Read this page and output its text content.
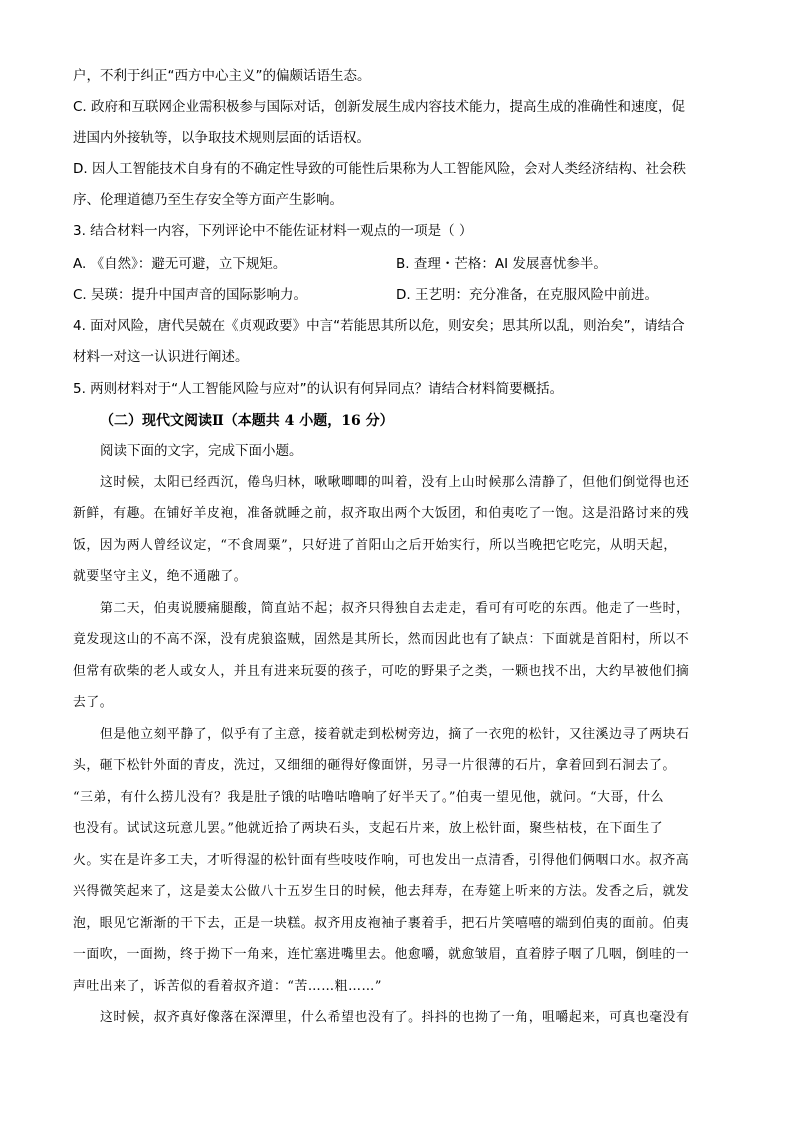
户，不利于纠正“西方中心主义”的偏颇话语生态。
C. 政府和互联网企业需积极参与国际对话，创新发展生成内容技术能力，提高生成的准确性和速度，促
进国内外接轨等，以争取技术规则层面的话语权。
D. 因人工智能技术自身有的不确定性导致的可能性后果称为人工智能风险，会对人类经济结构、社会秩
序、伦理道德乃至生存安全等方面产生影响。
3. 结合材料一内容，下列评论中不能佐证材料一观点的一项是（ ）
A. 《自然》：避无可避，立下规矩。	B. 查理・芒格：AI 发展喜忧参半。
C. 吴瑛：提升中国声音的国际影响力。	D. 王艺明：充分准备，在克服风险中前进。
4. 面对风险，唐代吴兢在《贞观政要》中言“若能思其所以危，则安矣；思其所以乱，则治矣”，请结合
材料一对这一认识进行阐述。
5. 两则材料对于“人工智能风险与应对”的认识有何异同点？请结合材料简要概括。
（二）现代文阅读Ⅱ（本题共 4 小题，16 分）
阅读下面的文字，完成下面小题。
这时候，太阳已经西沉，倦鸟归林，啾啾唧唧的叫着，没有上山时候那么清静了，但他们倒觉得也还
新鲜，有趣。在铺好羊皮袍，准备就睡之前，叔齐取出两个大饭团，和伯夷吃了一饱。这是沿路讨来的残
饭，因为两人曾经议定，“不食周粟”，只好进了首阳山之后开始实行，所以当晚把它吃完，从明天起，
就要坚守主义，绝不通融了。
第二天，伯夷说腰痛腿酸，简直站不起；叔齐只得独自去走走，看可有可吃的东西。他走了一些时，
竟发现这山的不高不深，没有虎狼盗贼，固然是其所长，然而因此也有了缺点：下面就是首阳村，所以不
但常有砍柴的老人或女人，并且有进来玩耍的孩子，可吃的野果子之类，一颗也找不出，大约早被他们摘
去了。
但是他立刻平静了，似乎有了主意，接着就走到松树旁边，摘了一衣兜的松针，又往溪边寻了两块石
头，砸下松针外面的青皮，洗过，又细细的砸得好像面饼，另寻一片很薄的石片，拿着回到石洞去了。
“三弟，有什么捞儿没有？我是肚子饿的咕噜咕噜响了好半天了。”伯夷一望见他，就问。“大哥，什么
也没有。试试这玩意儿罢。”他就近拾了两块石头，支起石片来，放上松针面，聚些枯枝，在下面生了
火。实在是许多工夫，才听得湿的松针面有些吱吱作响，可也发出一点清香，引得他们俩咽口水。叔齐高
兴得微笑起来了，这是姜太公做八十五岁生日的时候，他去拜寿，在寿筵上听来的方法。发香之后，就发
泡，眼见它渐渐的干下去，正是一块糕。叔齐用皮袍袖子裹着手，把石片笑嘻嘻的端到伯夷的面前。伯夷
一面吹，一面拗，终于拗下一角来，连忙塞进嘴里去。他愈嚼，就愈皱眉，直着脖子咽了几咽，倒哇的一
声吐出来了，诉苦似的看着叔齐道：“苦……粗……”
这时候，叔齐真好像落在深潭里，什么希望也没有了。抖抖的也拗了一角，咀嚼起来，可真也毫没有
